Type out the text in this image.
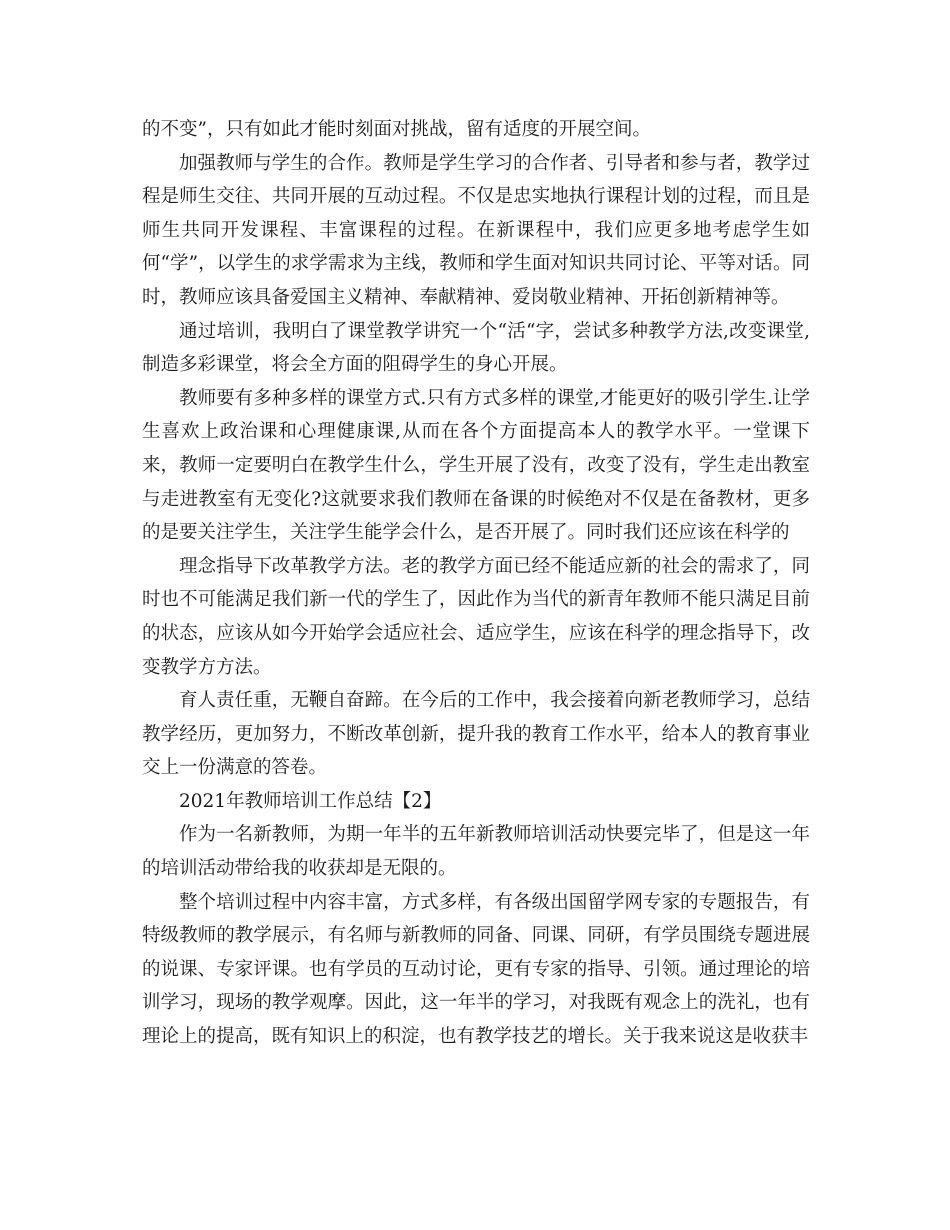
的不变”，只有如此才能时刻面对挑战，留有适度的开展空间。

加强教师与学生的合作。教师是学生学习的合作者、引导者和参与者，教学过程是师生交往、共同开展的互动过程。不仅是忠实地执行课程计划的过程，而且是师生共同开发课程、丰富课程的过程。在新课程中，我们应更多地考虑学生如何“学”，以学生的求学需求为主线，教师和学生面对知识共同讨论、平等对话。同时，教师应该具备爱国主义精神、奉献精神、爱岗敬业精神、开拓创新精神等。

通过培训，我明白了课堂教学讲究一个“活“字，尝试多种教学方法,改变课堂,制造多彩课堂，将会全方面的阻碍学生的身心开展。

教师要有多种多样的课堂方式.只有方式多样的课堂,才能更好的吸引学生.让学生喜欢上政治课和心理健康课,从而在各个方面提高本人的教学水平。一堂课下来，教师一定要明白在教学生什么，学生开展了没有，改变了没有，学生走出教室与走进教室有无变化?这就要求我们教师在备课的时候绝对不仅是在备教材，更多的是要关注学生，关注学生能学会什么，是否开展了。同时我们还应该在科学的

理念指导下改革教学方法。老的教学方面已经不能适应新的社会的需求了，同时也不可能满足我们新一代的学生了，因此作为当代的新青年教师不能只满足目前的状态，应该从如今开始学会适应社会、适应学生，应该在科学的理念指导下，改变教学方方法。

育人责任重，无鞭自奋蹄。在今后的工作中，我会接着向新老教师学习，总结教学经历，更加努力，不断改革创新，提升我的教育工作水平，给本人的教育事业交上一份满意的答卷。

2021年教师培训工作总结【2】

作为一名新教师，为期一年半的五年新教师培训活动快要完毕了，但是这一年的培训活动带给我的收获却是无限的。

整个培训过程中内容丰富，方式多样，有各级出国留学网专家的专题报告，有特级教师的教学展示，有名师与新教师的同备、同课、同研，有学员围绕专题进展的说课、专家评课。也有学员的互动讨论，更有专家的指导、引领。通过理论的培训学习，现场的教学观摩。因此，这一年半的学习，对我既有观念上的洗礼，也有理论上的提高，既有知识上的积淀，也有教学技艺的增长。关于我来说这是收获丰
